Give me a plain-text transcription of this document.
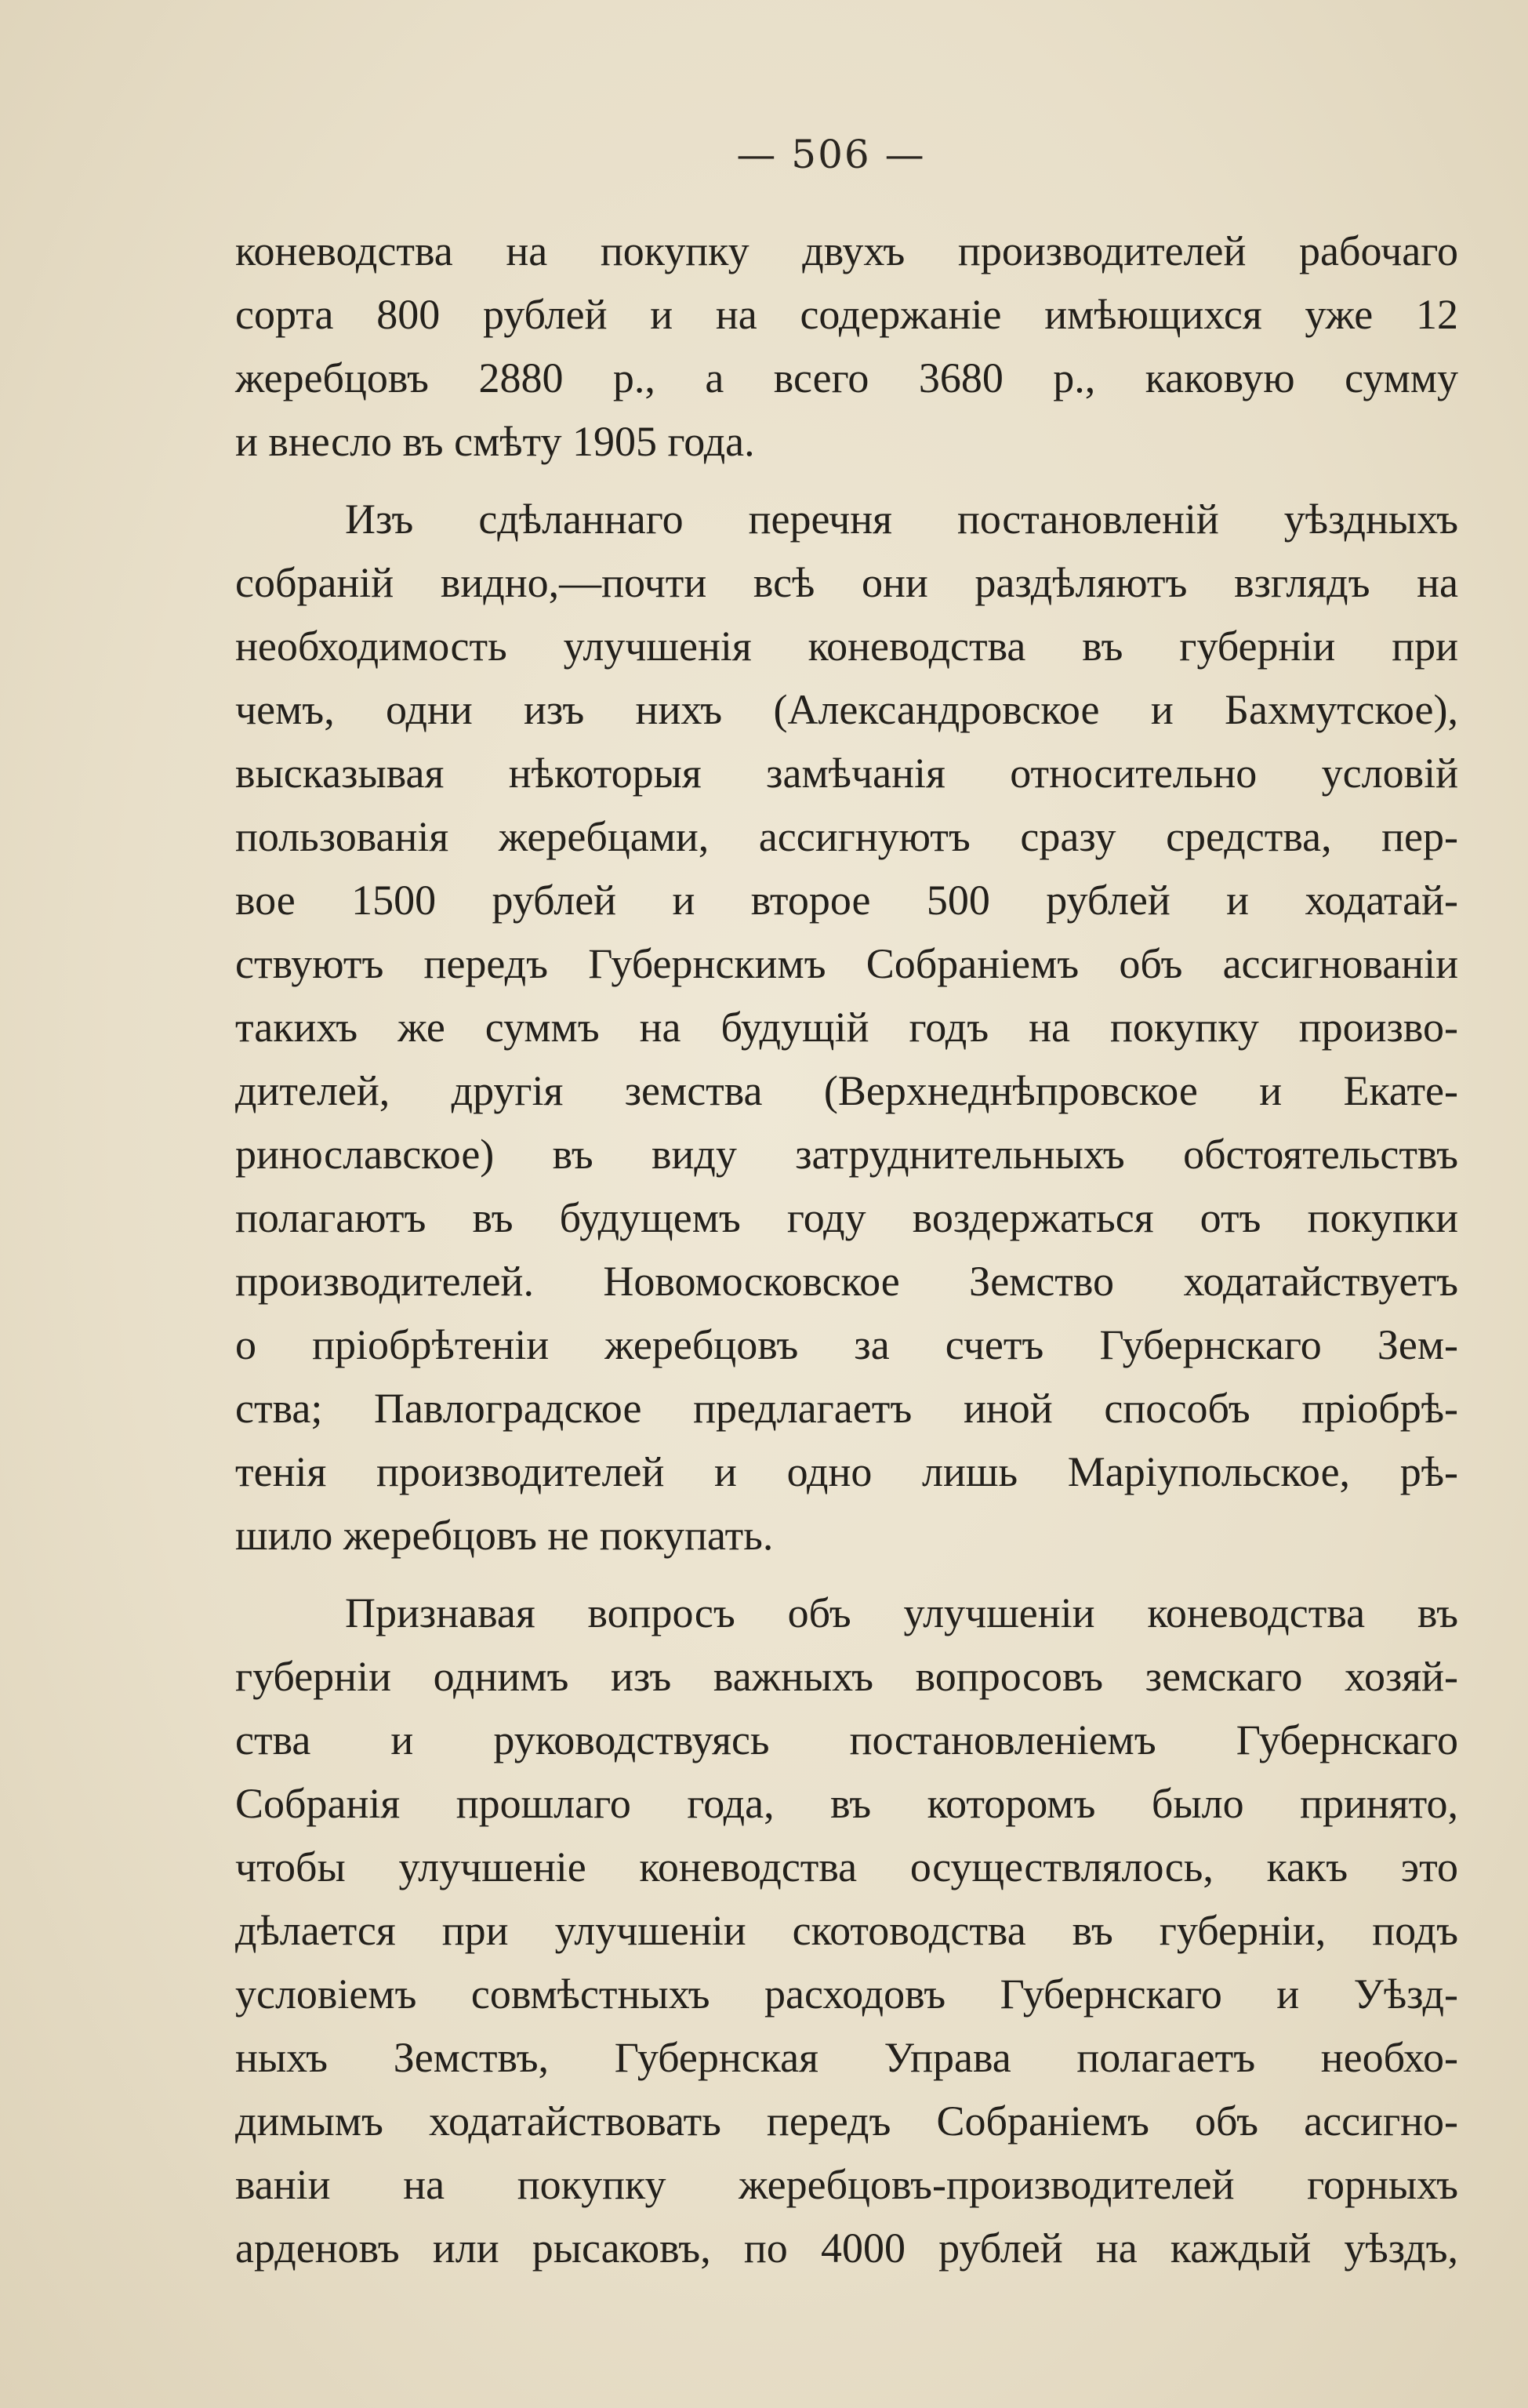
— 506 —
коневодства на покупку двухъ производителей рабочаго
сорта 800 рублей и на содержаніе имѣющихся уже 12
жеребцовъ 2880 р., а всего 3680 р., каковую сумму
и внесло въ смѣту 1905 года.
Изъ сдѣланнаго перечня постановленій уѣздныхъ
собраній видно,—почти всѣ они раздѣляютъ взглядъ на
необходимость улучшенія коневодства въ губерніи при
чемъ, одни изъ нихъ (Александровское и Бахмутское),
высказывая нѣкоторыя замѣчанія относительно условій
пользованія жеребцами, ассигнуютъ сразу средства, пер-
вое 1500 рублей и второе 500 рублей и ходатай-
ствуютъ передъ Губернскимъ Собраніемъ объ ассигнованіи
такихъ же суммъ на будущій годъ на покупку произво-
дителей, другія земства (Верхнеднѣпровское и Екате-
ринославское) въ виду затруднительныхъ обстоятельствъ
полагаютъ въ будущемъ году воздержаться отъ покупки
производителей. Новомосковское Земство ходатайствуетъ
о пріобрѣтеніи жеребцовъ за счетъ Губернскаго Зем-
ства; Павлоградское предлагаетъ иной способъ пріобрѣ-
тенія производителей и одно лишь Маріупольское, рѣ-
шило жеребцовъ не покупать.
Признавая вопросъ объ улучшеніи коневодства въ
губерніи однимъ изъ важныхъ вопросовъ земскаго хозяй-
ства и руководствуясь постановленіемъ Губернскаго
Собранія прошлаго года, въ которомъ было принято,
чтобы улучшеніе коневодства осуществлялось, какъ это
дѣлается при улучшеніи скотоводства въ губерніи, подъ
условіемъ совмѣстныхъ расходовъ Губернскаго и Уѣзд-
ныхъ Земствъ, Губернская Управа полагаетъ необхо-
димымъ ходатайствовать передъ Собраніемъ объ ассигно-
ваніи на покупку жеребцовъ-производителей горныхъ
арденовъ или рысаковъ, по 4000 рублей на каждый уѣздъ,
